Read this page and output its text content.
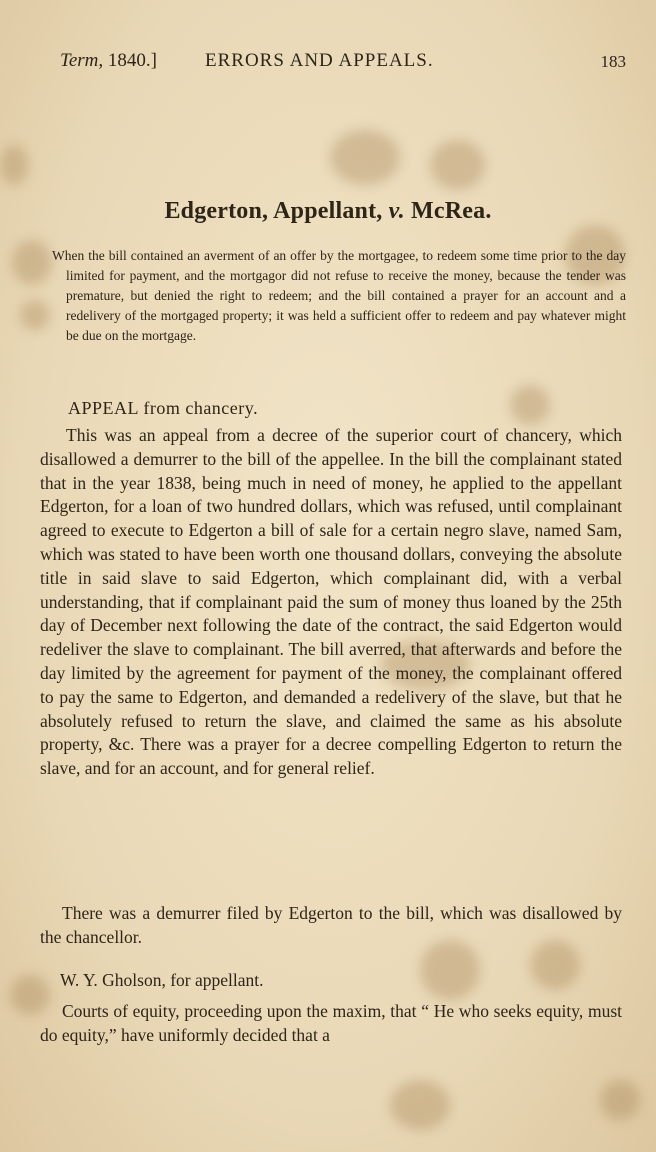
Term, 1840.]	ERRORS AND APPEALS.	183
Edgerton, Appellant, v. McRea.
When the bill contained an averment of an offer by the mortgagee, to redeem some time prior to the day limited for payment, and the mortgagor did not refuse to receive the money, because the tender was premature, but denied the right to redeem; and the bill contained a prayer for an account and a redelivery of the mortgaged property; it was held a sufficient offer to redeem and pay whatever might be due on the mortgage.
APPEAL from chancery.
This was an appeal from a decree of the superior court of chancery, which disallowed a demurrer to the bill of the appellee. In the bill the complainant stated that in the year 1838, being much in need of money, he applied to the appellant Edgerton, for a loan of two hundred dollars, which was refused, until complainant agreed to execute to Edgerton a bill of sale for a certain negro slave, named Sam, which was stated to have been worth one thousand dollars, conveying the absolute title in said slave to said Edgerton, which complainant did, with a verbal understanding, that if complainant paid the sum of money thus loaned by the 25th day of December next following the date of the contract, the said Edgerton would redeliver the slave to complainant. The bill averred, that afterwards and before the day limited by the agreement for payment of the money, the complainant offered to pay the same to Edgerton, and demanded a redelivery of the slave, but that he absolutely refused to return the slave, and claimed the same as his absolute property, &c. There was a prayer for a decree compelling Edgerton to return the slave, and for an account, and for general relief.
There was a demurrer filed by Edgerton to the bill, which was disallowed by the chancellor.
W. Y. Gholson, for appellant.
Courts of equity, proceeding upon the maxim, that “ He who seeks equity, must do equity,” have uniformly decided that a
